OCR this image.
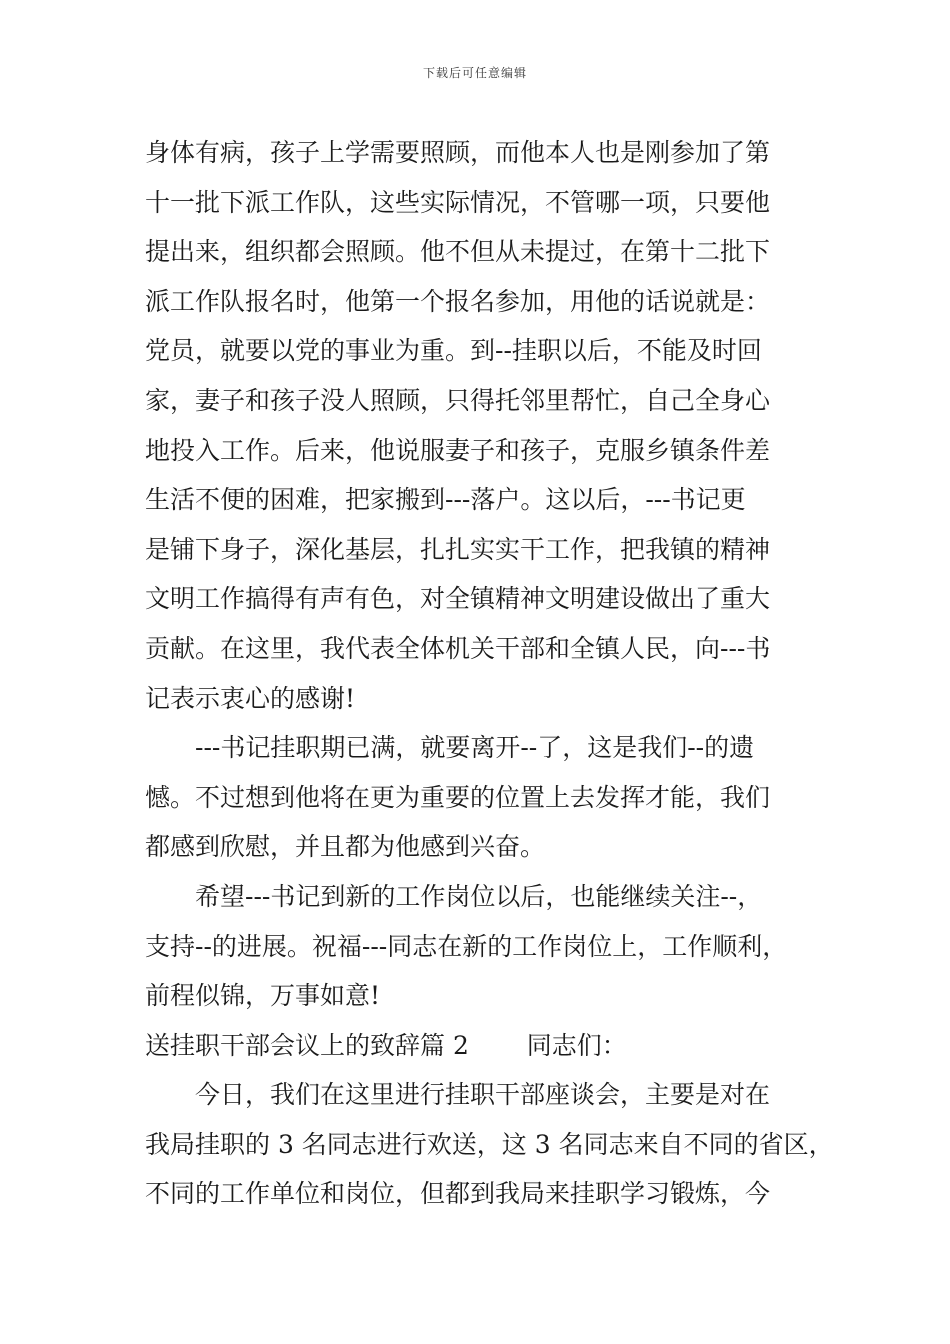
下载后可任意编辑
身体有病，孩子上学需要照顾，而他本人也是刚参加了第
十一批下派工作队，这些实际情况，不管哪一项，只要他
提出来，组织都会照顾。他不但从未提过，在第十二批下
派工作队报名时，他第一个报名参加，用他的话说就是：
党员，就要以党的事业为重。到--挂职以后，不能及时回
家，妻子和孩子没人照顾，只得托邻里帮忙，自己全身心
地投入工作。后来，他说服妻子和孩子，克服乡镇条件差
生活不便的困难，把家搬到---落户。这以后，---书记更
是铺下身子，深化基层，扎扎实实干工作，把我镇的精神
文明工作搞得有声有色，对全镇精神文明建设做出了重大
贡献。在这里，我代表全体机关干部和全镇人民，向---书
记表示衷心的感谢!
　　---书记挂职期已满，就要离开--了，这是我们--的遗
憾。不过想到他将在更为重要的位置上去发挥才能，我们
都感到欣慰，并且都为他感到兴奋。
　　希望---书记到新的工作岗位以后，也能继续关注--，
支持--的进展。祝福---同志在新的工作岗位上，工作顺利，
前程似锦，万事如意!
送挂职干部会议上的致辞篇 2　　 同志们：
　　今日，我们在这里进行挂职干部座谈会，主要是对在
我局挂职的 3 名同志进行欢送，这 3 名同志来自不同的省区，
不同的工作单位和岗位，但都到我局来挂职学习锻炼，今
